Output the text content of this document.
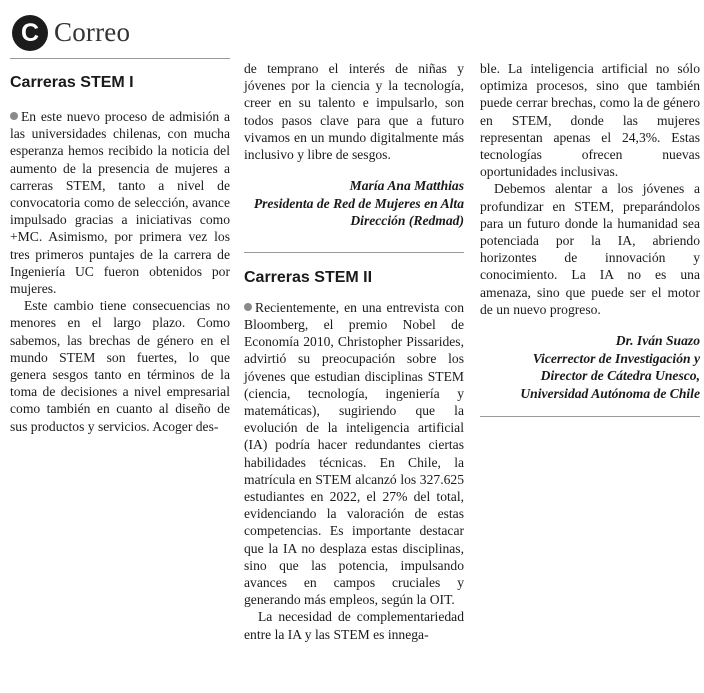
C Correo
Carreras STEM I

En este nuevo proceso de admisión a las universidades chilenas, con mucha esperanza hemos recibido la noticia del aumento de la presencia de mujeres a carreras STEM, tanto a nivel de convocatoria como de selección, avance impulsado gracias a iniciativas como +MC. Asimismo, por primera vez los tres primeros puntajes de la carrera de Ingeniería UC fueron obtenidos por mujeres.

Este cambio tiene consecuencias no menores en el largo plazo. Como sabemos, las brechas de género en el mundo STEM son fuertes, lo que genera sesgos tanto en términos de la toma de decisiones a nivel empresarial como también en cuanto al diseño de sus productos y servicios. Acoger des-

de temprano el interés de niñas y jóvenes por la ciencia y la tecnología, creer en su talento e impulsarlo, son todos pasos clave para que a futuro vivamos en un mundo digitalmente más inclusivo y libre de sesgos.

María Ana Matthias
Presidenta de Red de Mujeres en Alta
Dirección (Redmad)
Carreras STEM II

Recientemente, en una entrevista con Bloomberg, el premio Nobel de Economía 2010, Christopher Pissarides, advirtió su preocupación sobre los jóvenes que estudian disciplinas STEM (ciencia, tecnología, ingeniería y matemáticas), sugiriendo que la evolución de la inteligencia artificial (IA) podría hacer redundantes ciertas habilidades técnicas. En Chile, la matrícula en STEM alcanzó los 327.625 estudiantes en 2022, el 27% del total, evidenciando la valoración de estas competencias. Es importante destacar que la IA no desplaza estas disciplinas, sino que las potencia, impulsando avances en campos cruciales y generando más empleos, según la OIT.

La necesidad de complementariedad entre la IA y las STEM es innega-

ble. La inteligencia artificial no sólo optimiza procesos, sino que también puede cerrar brechas, como la de género en STEM, donde las mujeres representan apenas el 24,3%. Estas tecnologías ofrecen nuevas oportunidades inclusivas.

Debemos alentar a los jóvenes a profundizar en STEM, preparándolos para un futuro donde la humanidad sea potenciada por la IA, abriendo horizontes de innovación y conocimiento. La IA no es una amenaza, sino que puede ser el motor de un nuevo progreso.

Dr. Iván Suazo
Vicerrector de Investigación y
Director de Cátedra Unesco,
Universidad Autónoma de Chile
